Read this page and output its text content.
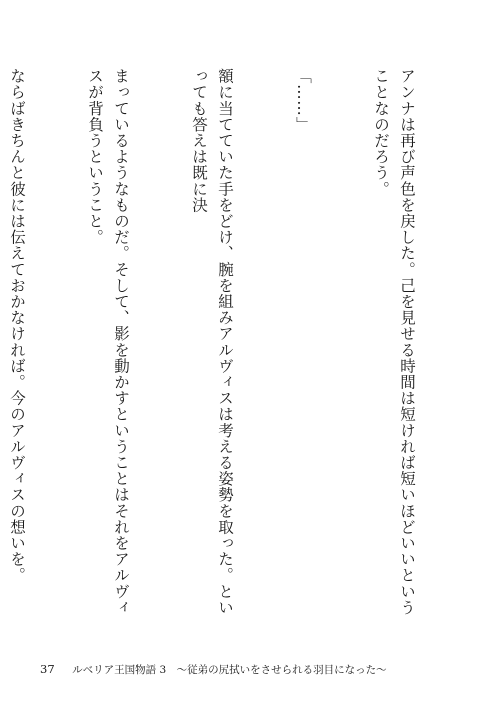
アンナは再び声色を戻した。己を見せる時間は短ければ短いほどいいということなのだろう。

「……」

額に当てていた手をどけ、腕を組みアルヴィスは考える姿勢を取った。といっても答えは既に決

まっているようなものだ。そして、影を動かすということはそれをアルヴィスが背負うということ。

ならばきちんと彼には伝えておかなければ。今のアルヴィスの想いを。

37 ルベリア王国物語 3　～従弟の尻拭いをさせられる羽目になった～
